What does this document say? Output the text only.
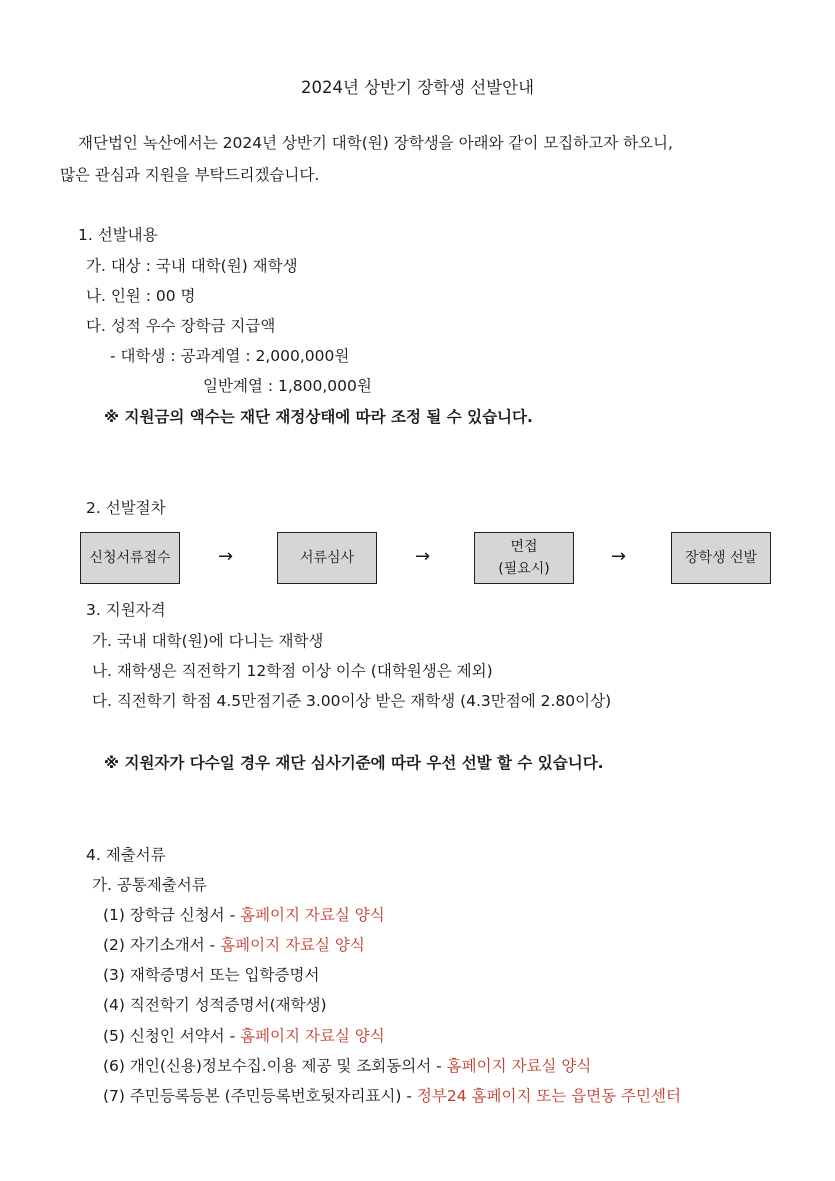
2024년 상반기 장학생 선발안내
재단법인 녹산에서는 2024년 상반기 대학(원) 장학생을 아래와 같이 모집하고자 하오니,
많은 관심과 지원을 부탁드리겠습니다.
1. 선발내용
가. 대상 : 국내 대학(원) 재학생
나. 인원 : 00 명
다. 성적 우수 장학금 지급액
- 대학생 : 공과계열 : 2,000,000원
일반계열 : 1,800,000원
※ 지원금의 액수는 재단 재정상태에 따라 조정 될 수 있습니다.
2. 선발절차
신청서류접수	→	서류심사	→	면접
(필요시)
→	장학생 선발
3. 지원자격
가. 국내 대학(원)에 다니는 재학생
나. 재학생은 직전학기 12학점 이상 이수 (대학원생은 제외)
다. 직전학기 학점 4.5만점기준 3.00이상 받은 재학생 (4.3만점에 2.80이상)
※ 지원자가 다수일 경우 재단 심사기준에 따라 우선 선발 할 수 있습니다.
4. 제출서류
가. 공통제출서류
(1) 장학금 신청서 - 홈페이지 자료실 양식
(2) 자기소개서 - 홈페이지 자료실 양식
(3) 재학증명서 또는 입학증명서
(4) 직전학기 성적증명서(재학생)
(5) 신청인 서약서 - 홈페이지 자료실 양식
(6) 개인(신용)정보수집.이용 제공 및 조회동의서 - 홈페이지 자료실 양식
(7) 주민등록등본 (주민등록번호뒷자리표시) - 정부24 홈페이지 또는 읍면동 주민센터
